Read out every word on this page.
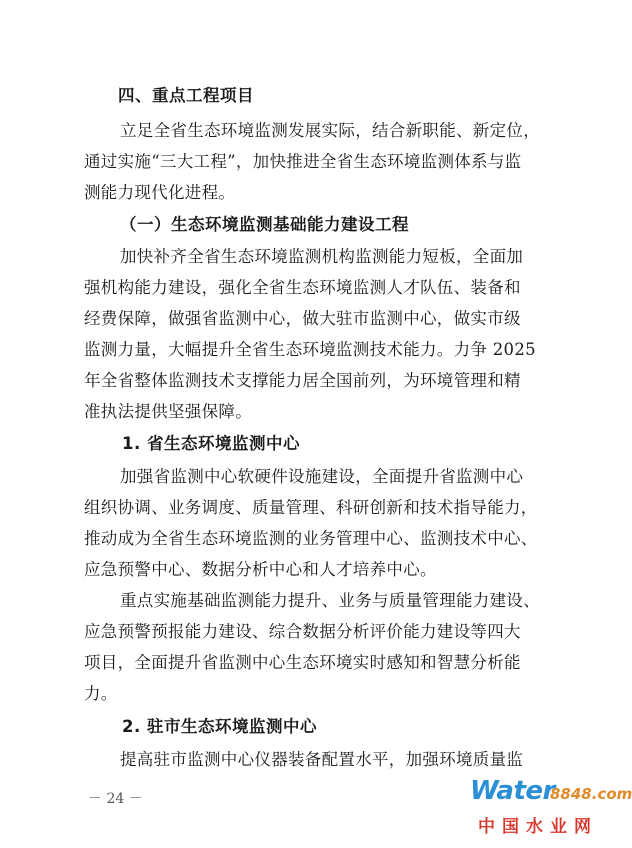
四、重点工程项目
立足全省生态环境监测发展实际，结合新职能、新定位，
通过实施“三大工程”，加快推进全省生态环境监测体系与监
测能力现代化进程。
（一）生态环境监测基础能力建设工程
加快补齐全省生态环境监测机构监测能力短板，全面加
强机构能力建设，强化全省生态环境监测人才队伍、装备和
经费保障，做强省监测中心，做大驻市监测中心，做实市级
监测力量，大幅提升全省生态环境监测技术能力。力争 2025
年全省整体监测技术支撑能力居全国前列，为环境管理和精
准执法提供坚强保障。
1. 省生态环境监测中心
加强省监测中心软硬件设施建设，全面提升省监测中心
组织协调、业务调度、质量管理、科研创新和技术指导能力，
推动成为全省生态环境监测的业务管理中心、监测技术中心、
应急预警中心、数据分析中心和人才培养中心。
重点实施基础监测能力提升、业务与质量管理能力建设、
应急预警预报能力建设、综合数据分析评价能力建设等四大
项目，全面提升省监测中心生态环境实时感知和智慧分析能
力。
2. 驻市生态环境监测中心
提高驻市监测中心仪器装备配置水平，加强环境质量监
－ 24 －	Water
8848.com
中国水业网
